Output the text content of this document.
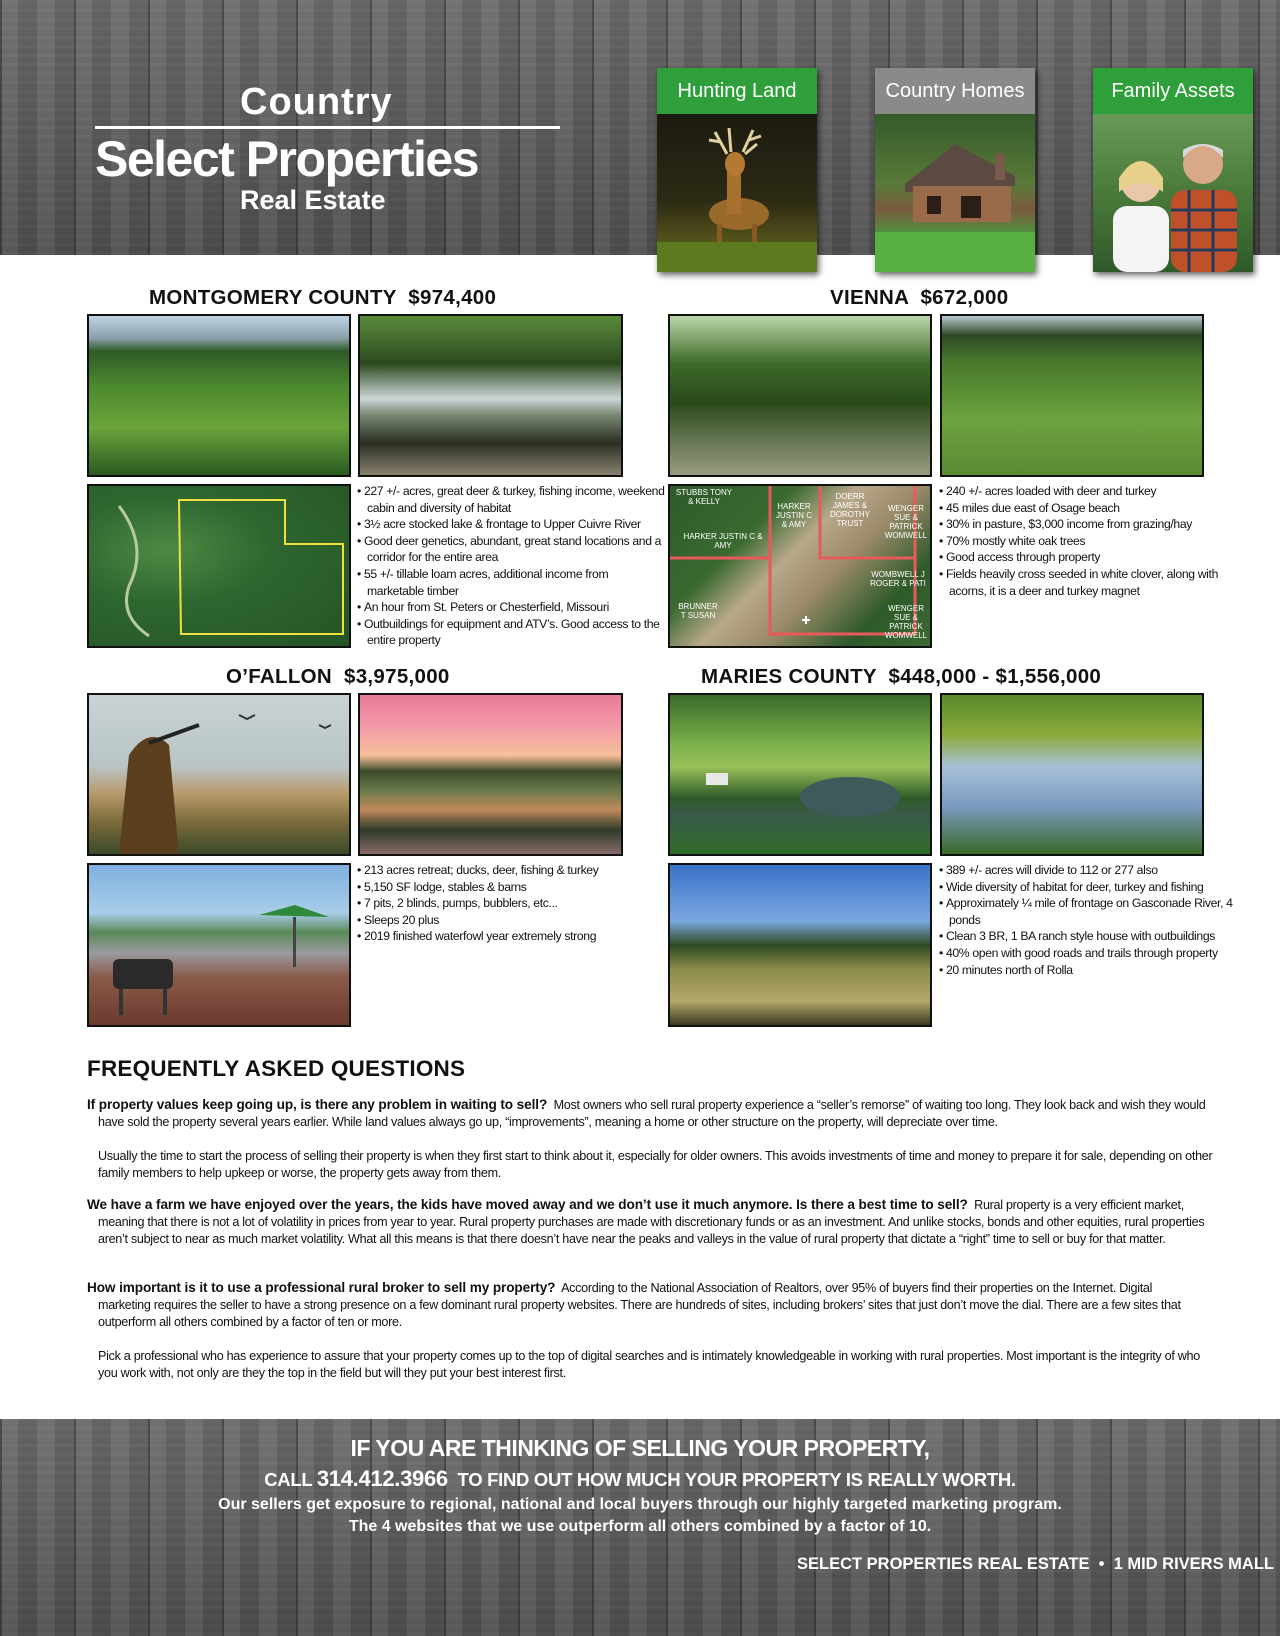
Country
Select Properties
Real Estate
Hunting Land	Country Homes	Family Assets
MONTGOMERY COUNTY  $974,400
• 227 +/- acres, great deer & turkey, fishing income, weekend cabin and diversity of habitat
• 3½ acre stocked lake & frontage to Upper Cuivre River
• Good deer genetics, abundant, great stand locations and a corridor for the entire area
• 55 +/- tillable loam acres, additional income from marketable timber
• An hour from St. Peters or Chesterfield, Missouri
• Outbuildings for equipment and ATV’s. Good access to the entire property
VIENNA  $672,000
STUBBS TONY & KELLY
HARKER JUSTIN C & AMY
DOERR JAMES & DOROTHY TRUST
WENGER SUE & PATRICK WOMWELL
HARKER JUSTIN C & AMY
WOMBWELL J ROGER & PATI
BRUNNER T SUSAN
WENGER SUE & PATRICK WOMWELL
• 240 +/- acres loaded with deer and turkey
• 45 miles due east of Osage beach
• 30% in pasture, $3,000 income from grazing/hay
• 70% mostly white oak trees
• Good access through property
• Fields heavily cross seeded in white clover, along with acorns, it is a deer and turkey magnet
O’FALLON  $3,975,000
• 213 acres retreat; ducks, deer, fishing & turkey
• 5,150 SF lodge, stables & barns
• 7 pits, 2 blinds, pumps, bubblers, etc...
• Sleeps 20 plus
• 2019 finished waterfowl year extremely strong
MARIES COUNTY  $448,000 - $1,556,000
• 389 +/- acres will divide to 112 or 277 also
• Wide diversity of habitat for deer, turkey and fishing
• Approximately ¼ mile of frontage on Gasconade River, 4 ponds
• Clean 3 BR, 1 BA ranch style house with outbuildings
• 40% open with good roads and trails through property
• 20 minutes north of Rolla
FREQUENTLY ASKED QUESTIONS

If property values keep going up, is there any problem in waiting to sell? Most owners who sell rural property experience a “seller’s remorse” of waiting too long. They look back and wish they would have sold the property several years earlier. While land values always go up, “improvements”, meaning a home or other structure on the property, will depreciate over time.

Usually the time to start the process of selling their property is when they first start to think about it, especially for older owners. This avoids investments of time and money to prepare it for sale, depending on other family members to help upkeep or worse, the property gets away from them.

We have a farm we have enjoyed over the years, the kids have moved away and we don’t use it much anymore. Is there a best time to sell? Rural property is a very efficient market, meaning that there is not a lot of volatility in prices from year to year. Rural property purchases are made with discretionary funds or as an investment. And unlike stocks, bonds and other equities, rural properties aren’t subject to near as much market volatility. What all this means is that there doesn’t have near the peaks and valleys in the value of rural property that dictate a “right” time to sell or buy for that matter.

How important is it to use a professional rural broker to sell my property? According to the National Association of Realtors, over 95% of buyers find their properties on the Internet. Digital marketing requires the seller to have a strong presence on a few dominant rural property websites. There are hundreds of sites, including brokers’ sites that just don’t move the dial. There are a few sites that outperform all others combined by a factor of ten or more.

Pick a professional who has experience to assure that your property comes up to the top of digital searches and is intimately knowledgeable in working with rural properties. Most important is the integrity of who you work with, not only are they the top in the field but will they put your best interest first.

IF YOU ARE THINKING OF SELLING YOUR PROPERTY,
CALL 314.412.3966  TO FIND OUT HOW MUCH YOUR PROPERTY IS REALLY WORTH.
Our sellers get exposure to regional, national and local buyers through our highly targeted marketing program.
The 4 websites that we use outperform all others combined by a factor of 10.
SELECT PROPERTIES REAL ESTATE  •  1 MID RIVERS MALL
